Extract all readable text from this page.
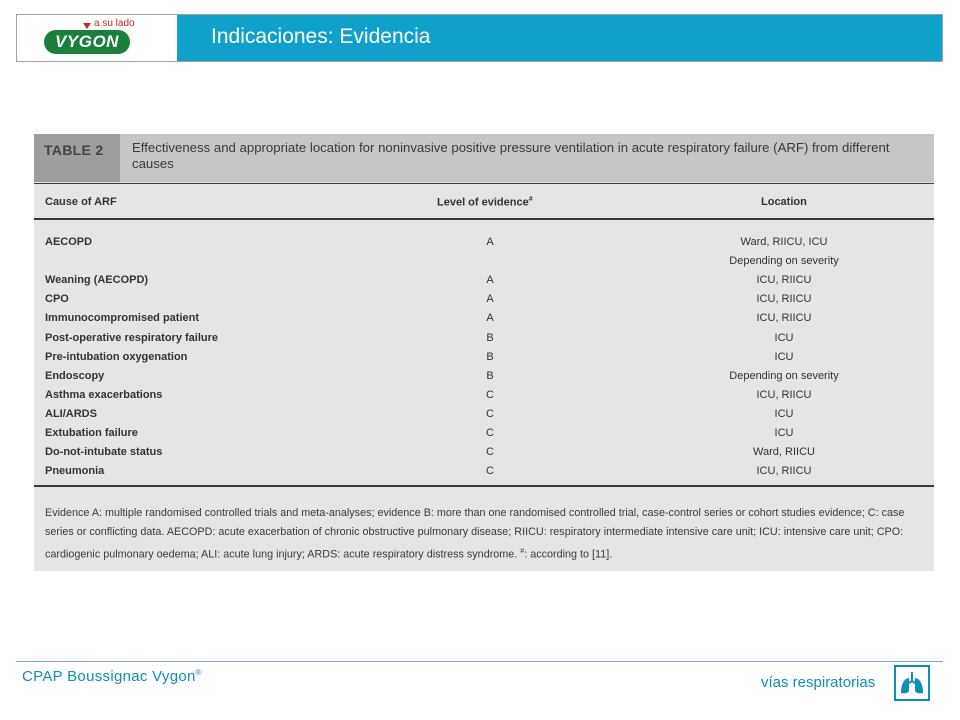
a su lado
VYGON	Indicaciones: Evidencia
TABLE 2 Effectiveness and appropriate location for noninvasive positive pressure ventilation in acute respiratory failure (ARF) from different causes
Cause of ARF	Level of evidence#	Location
AECOPD	A	Ward, RIICU, ICU
Depending on severity
Weaning (AECOPD)	A	ICU, RIICU
CPO	A	ICU, RIICU
Immunocompromised patient	A	ICU, RIICU
Post-operative respiratory failure	B	ICU
Pre-intubation oxygenation	B	ICU
Endoscopy	B	Depending on severity
Asthma exacerbations	C	ICU, RIICU
ALI/ARDS	C	ICU
Extubation failure	C	ICU
Do-not-intubate status	C	Ward, RIICU
Pneumonia	C	ICU, RIICU
Evidence A: multiple randomised controlled trials and meta-analyses; evidence B: more than one randomised controlled trial, case-control series or cohort studies evidence; C: case series or conflicting data. AECOPD: acute exacerbation of chronic obstructive pulmonary disease; RIICU: respiratory intermediate intensive care unit; ICU: intensive care unit; CPO: cardiogenic pulmonary oedema; ALI: acute lung injury; ARDS: acute respiratory distress syndrome. #: according to [11].
CPAP Boussignac Vygon®
vías respiratorias
